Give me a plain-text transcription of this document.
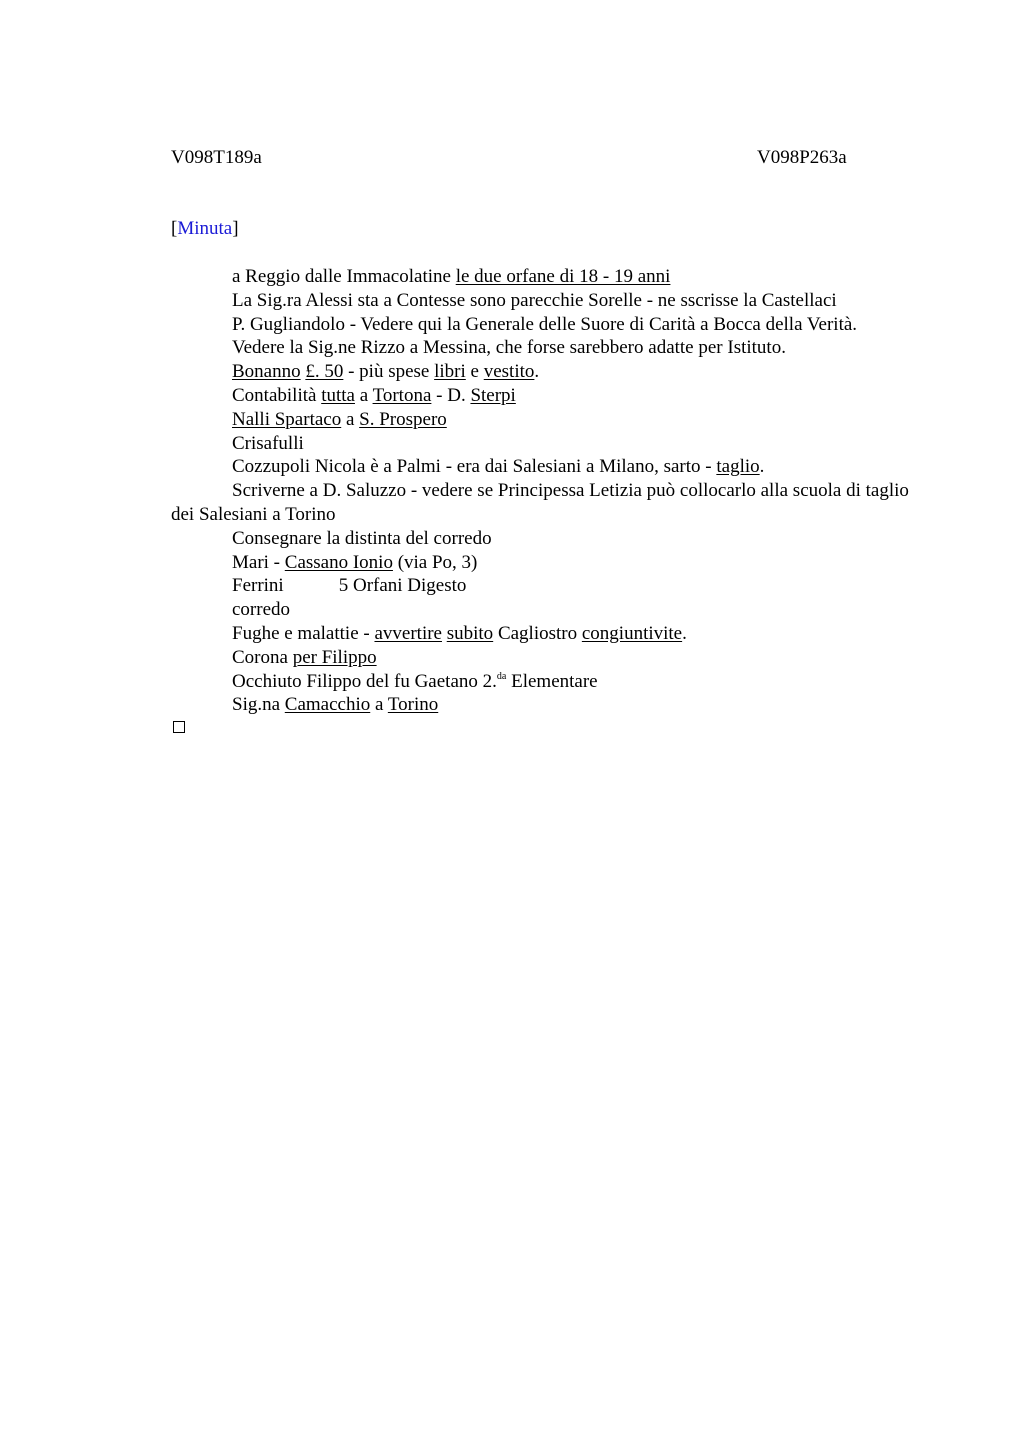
V098T189a	V098P263a
[Minuta]
a Reggio dalle Immacolatine le due orfane di 18 - 19 anni
La Sig.ra Alessi sta a Contesse sono parecchie Sorelle - ne sscrisse la Castellaci
P. Gugliandolo - Vedere qui la Generale delle Suore di Carità a Bocca della Verità.
Vedere la Sig.ne Rizzo a Messina, che forse sarebbero adatte per Istituto.
Bonanno £. 50 - più spese libri e vestito.
Contabilità tutta a Tortona - D. Sterpi
Nalli Spartaco a S. Prospero
Crisafulli
Cozzupoli Nicola è a Palmi - era dai Salesiani a Milano, sarto - taglio.
Scriverne a D. Saluzzo - vedere se Principessa Letizia può collocarlo alla scuola di taglio dei Salesiani a Torino
Consegnare la distinta del corredo
Mari - Cassano Ionio (via Po, 3)
Ferrini	5 Orfani Digesto
corredo
Fughe e malattie - avvertire subito Cagliostro congiuntivite.
Corona per Filippo
Occhiuto Filippo del fu Gaetano 2.$^{da}$ Elementare
Sig.na Camacchio a Torino
